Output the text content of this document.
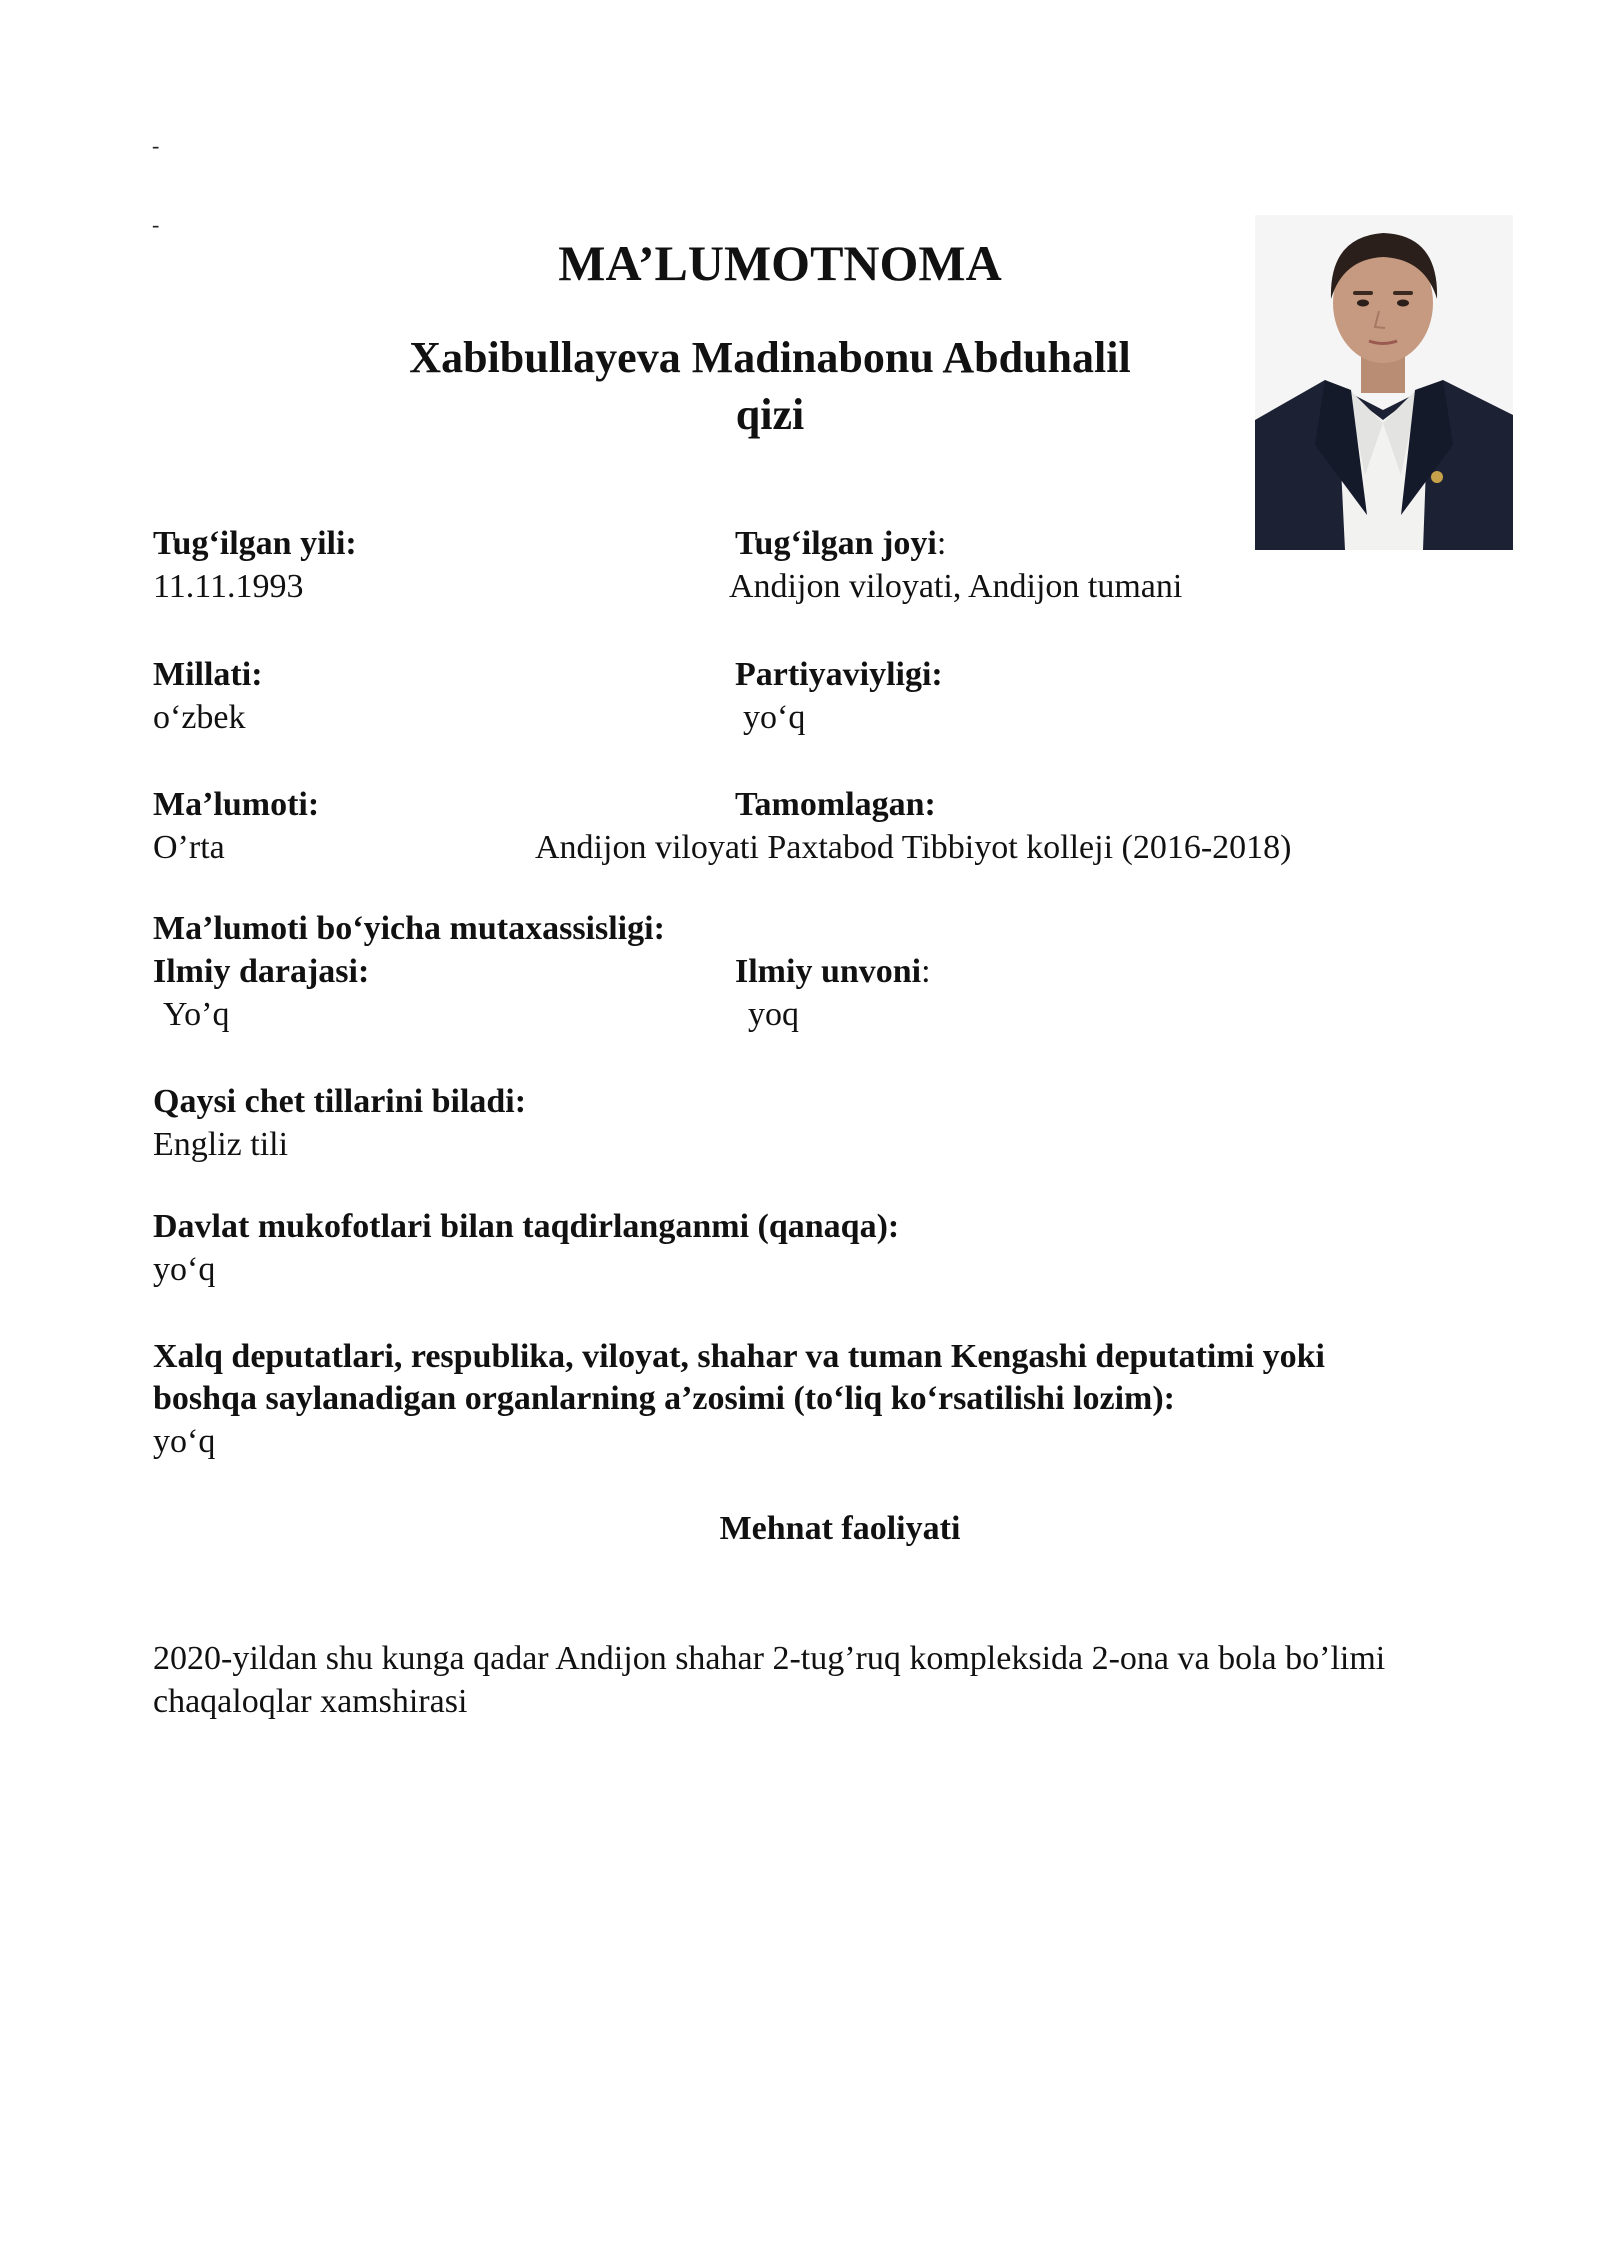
-
-
MA’LUMOTNOMA
Xabibullayeva Madinabonu Abduhalil
qizi
Tug‘ilgan yili:
11.11.1993
Tug‘ilgan joyi:
Andijon viloyati, Andijon tumani
Millati:
o‘zbek
Partiyaviyligi:
yo‘q
Ma’lumoti:
O’rta
Tamomlagan:
Andijon viloyati Paxtabod Tibbiyot kolleji (2016-2018)
Ma’lumoti bo‘yicha mutaxassisligi:
Ilmiy darajasi:
Yo’q
Ilmiy unvoni:
yoq
Qaysi chet tillarini biladi:
Engliz tili
Davlat mukofotlari bilan taqdirlanganmi (qanaqa):
yo‘q
Xalq deputatlari, respublika, viloyat, shahar va tuman Kengashi deputatimi yoki
boshqa saylanadigan organlarning a’zosimi (to‘liq ko‘rsatilishi lozim):
yo‘q
Mehnat faoliyati
2020-yildan shu kunga qadar Andijon shahar 2-tug’ruq kompleksida 2-ona va bola bo’limi
chaqaloqlar xamshirasi
